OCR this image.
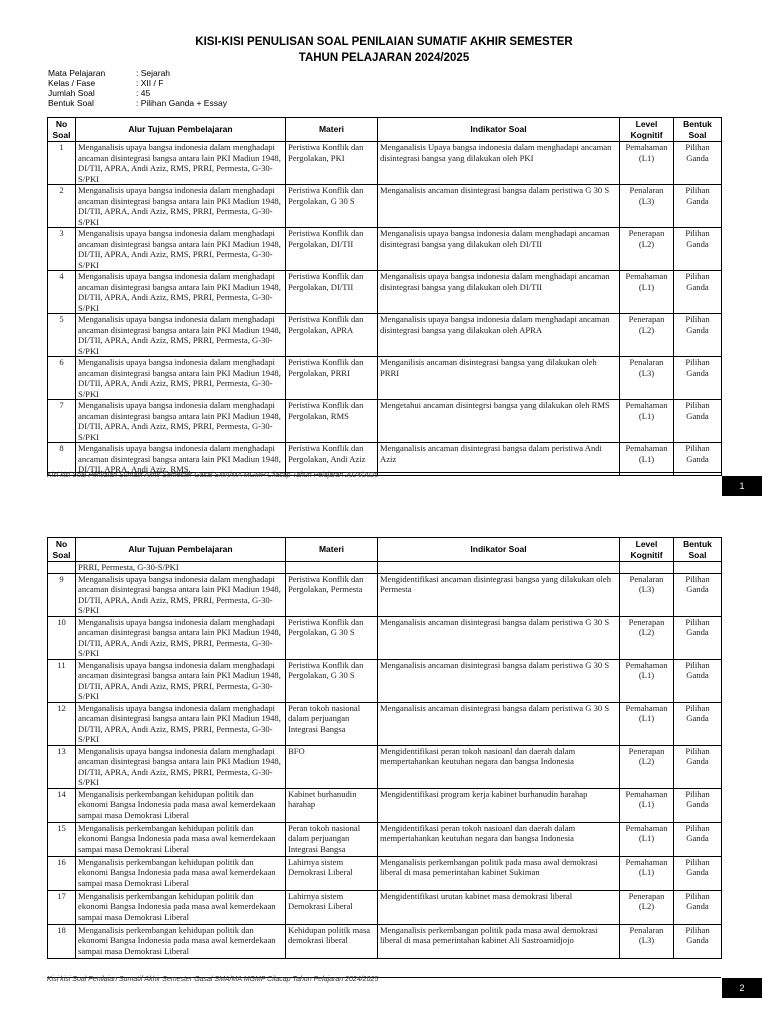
KISI-KISI PENULISAN SOAL PENILAIAN SUMATIF AKHIR SEMESTER
TAHUN PELAJARAN 2024/2025
Mata Pelajaran	: Sejarah
Kelas / Fase	: XII / F
Jumlah Soal	: 45
Bentuk Soal	: Pilihan Ganda + Essay
No Soal	Alur Tujuan Pembelajaran	Materi	Indikator Soal	Level Kognitif	Bentuk Soal
1	Menganalisis upaya bangsa indonesia dalam menghadapi ancaman disintegrasi bangsa antara lain PKI Madiun 1948, DI/TII, APRA, Andi Aziz, RMS, PRRI, Permesta, G-30-S/PKI	Peristiwa Konflik dan Pergolakan, PKI	Menganalisis Upaya bangsa indonesia dalam menghadapi ancaman disintegrasi bangsa yang dilakukan oleh PKI	Pemahaman (L1)	Pilihan Ganda
2	Menganalisis upaya bangsa indonesia dalam menghadapi ancaman disintegrasi bangsa antara lain PKI Madiun 1948, DI/TII, APRA, Andi Aziz, RMS, PRRI, Permesta, G-30-S/PKI	Peristiwa Konflik dan Pergolakan, G 30 S	Menganalisis ancaman disintegrasi bangsa dalam peristiwa G 30 S	Penalaran (L3)	Pilihan Ganda
3	Menganalisis upaya bangsa indonesia dalam menghadapi ancaman disintegrasi bangsa antara lain PKI Madiun 1948, DI/TII, APRA, Andi Aziz, RMS, PRRI, Permesta, G-30-S/PKI	Peristiwa Konflik dan Pergolakan, DI/TII	Menganalisis upaya bangsa indonesia dalam menghadapi ancaman disintegrasi bangsa yang dilakukan oleh DI/TII	Penerapan (L2)	Pilihan Ganda
4	Menganalisis upaya bangsa indonesia dalam menghadapi ancaman disintegrasi bangsa antara lain PKI Madiun 1948, DI/TII, APRA, Andi Aziz, RMS, PRRI, Permesta, G-30-S/PKI	Peristiwa Konflik dan Pergolakan, DI/TII	Menganalisis upaya bangsa indonesia dalam menghadapi ancaman disintegrasi bangsa yang dilakukan oleh DI/TII	Pemahaman (L1)	Pilihan Ganda
5	Menganalisis upaya bangsa indonesia dalam menghadapi ancaman disintegrasi bangsa antara lain PKI Madiun 1948, DI/TII, APRA, Andi Aziz, RMS, PRRI, Permesta, G-30-S/PKI	Peristiwa Konflik dan Pergolakan, APRA	Menganalisis upaya bangsa indonesia dalam menghadapi ancaman disintegrasi bangsa yang dilakukan oleh APRA	Penerapan (L2)	Pilihan Ganda
6	Menganalisis upaya bangsa indonesia dalam menghadapi ancaman disintegrasi bangsa antara lain PKI Madiun 1948, DI/TII, APRA, Andi Aziz, RMS, PRRI, Permesta, G-30-S/PKI	Peristiwa Konflik dan Pergolakan, PRRI	Menganilisis ancaman disintegrasi bangsa yang dilakukan oleh PRRI	Penalaran (L3)	Pilihan Ganda
7	Menganalisis upaya bangsa indonesia dalam menghadapi ancaman disintegrasi bangsa antara lain PKI Madiun 1948, DI/TII, APRA, Andi Aziz, RMS, PRRI, Permesta, G-30-S/PKI	Peristiwa Konflik dan Pergolakan, RMS	Mengetahui ancaman disintegrsi bangsa yang dilakukan oleh RMS	Pemahaman (L1)	Pilihan Ganda
8	Menganalisis upaya bangsa indonesia dalam menghadapi ancaman disintegrasi bangsa antara lain PKI Madiun 1948, DI/TII, APRA, Andi Aziz, RMS,	Peristiwa Konflik dan Pergolakan, Andi Aziz	Menganalisis ancaman disintegrasi bangsa dalam peristiwa Andi Aziz	Pemahaman (L1)	Pilihan Ganda
Kisi kisi Soal Penilaian Sumatif Akhir Semester Gasal SMA/MA MGMP Cilacap Tahun Pelajaran 2024/2025
1
No Soal	Alur Tujuan Pembelajaran	Materi	Indikator Soal	Level Kognitif	Bentuk Soal
	PRRI, Permesta, G-30-S/PKI				
9	Menganalisis upaya bangsa indonesia dalam menghadapi ancaman disintegrasi bangsa antara lain PKI Madiun 1948, DI/TII, APRA, Andi Aziz, RMS, PRRI, Permesta, G-30-S/PKI	Peristiwa Konflik dan Pergolakan, Permesta	Mengidentifikasi ancaman disintegrasi bangsa yang dilakukan oleh Permesta	Penalaran (L3)	Pilihan Ganda
10	Menganalisis upaya bangsa indonesia dalam menghadapi ancaman disintegrasi bangsa antara lain PKI Madiun 1948, DI/TII, APRA, Andi Aziz, RMS, PRRI, Permesta, G-30-S/PKI	Peristiwa Konflik dan Pergolakan, G 30 S	Menganalisis ancaman disintegrasi bangsa dalam peristiwa G 30 S	Penerapan (L2)	Pilihan Ganda
11	Menganalisis upaya bangsa indonesia dalam menghadapi ancaman disintegrasi bangsa antara lain PKI Madiun 1948, DI/TII, APRA, Andi Aziz, RMS, PRRI, Permesta, G-30-S/PKI	Peristiwa Konflik dan Pergolakan, G 30 S	Menganalisis ancaman disintegrasi bangsa dalam peristiwa G 30 S	Pemahaman (L1)	Pilihan Ganda
12	Menganalisis upaya bangsa indonesia dalam menghadapi ancaman disintegrasi bangsa antara lain PKI Madiun 1948, DI/TII, APRA, Andi Aziz, RMS, PRRI, Permesta, G-30-S/PKI	Peran tokoh nasional dalam perjuangan Integrasi Bangsa	Menganalisis ancaman disintegrasi bangsa dalam peristiwa G 30 S	Pemahaman (L1)	Pilihan Ganda
13	Menganalisis upaya bangsa indonesia dalam menghadapi ancaman disintegrasi bangsa antara lain PKI Madiun 1948, DI/TII, APRA, Andi Aziz, RMS, PRRI, Permesta, G-30-S/PKI	BFO	Mengidentifikasi peran tokoh nasioanl dan daerah dalam mempertahankan keutuhan negara dan bangsa Indonesia	Penerapan (L2)	Pilihan Ganda
14	Menganalisis perkembangan kehidupan politik dan ekonomi Bangsa Indonesia pada masa awal kemerdekaan sampai masa Demokrasi Liberal	Kabinet burhanudin harahap	Mengidentifikasi program kerja kabinet burhanudin harahap	Pemahaman (L1)	Pilihan Ganda
15	Menganalisis perkembangan kehidupan politik dan ekonomi Bangsa Indonesia pada masa awal kemerdekaan sampai masa Demokrasi Liberal	Peran tokoh nasional dalam perjuangan Integrasi Bangsa	Mengidentifikasi peran tokoh nasioanl dan daerah dalam mempertahankan keutuhan negara dan bangsa Indonesia	Pemahaman (L1)	Pilihan Ganda
16	Menganalisis perkembangan kehidupan politik dan ekonomi Bangsa Indonesia pada masa awal kemerdekaan sampai masa Demokrasi Liberal	Lahirnya sistem Demokrasi Liberal	Menganalisis perkembangan politik pada masa awal demokrasi liberal di masa pemerintahan kabinet Sukiman	Pemahaman (L1)	Pilihan Ganda
17	Menganalisis perkembangan kehidupan politik dan ekonomi Bangsa Indonesia pada masa awal kemerdekaan sampai masa Demokrasi Liberal	Lahirnya sistem Demokrasi Liberal	Mengidentifikasi urutan kabinet masa demokrasi liberal	Penerapan (L2)	Pilihan Ganda
18	Menganalisis perkembangan kehidupan politik dan ekonomi Bangsa Indonesia pada masa awal kemerdekaan sampai masa Demokrasi Liberal	Kehidupan politik masa demokrasi liberal	Menganalisis perkembangan politik pada masa awal demokrasi liberal di masa pemerintahan kabinet Ali Sastroamidjojo	Penalaran (L3)	Pilihan Ganda
Kisi kisi Soal Penilaian Sumatif Akhir Semester Gasal SMA/MA MGMP Cilacap Tahun Pelajaran 2024/2025
2
